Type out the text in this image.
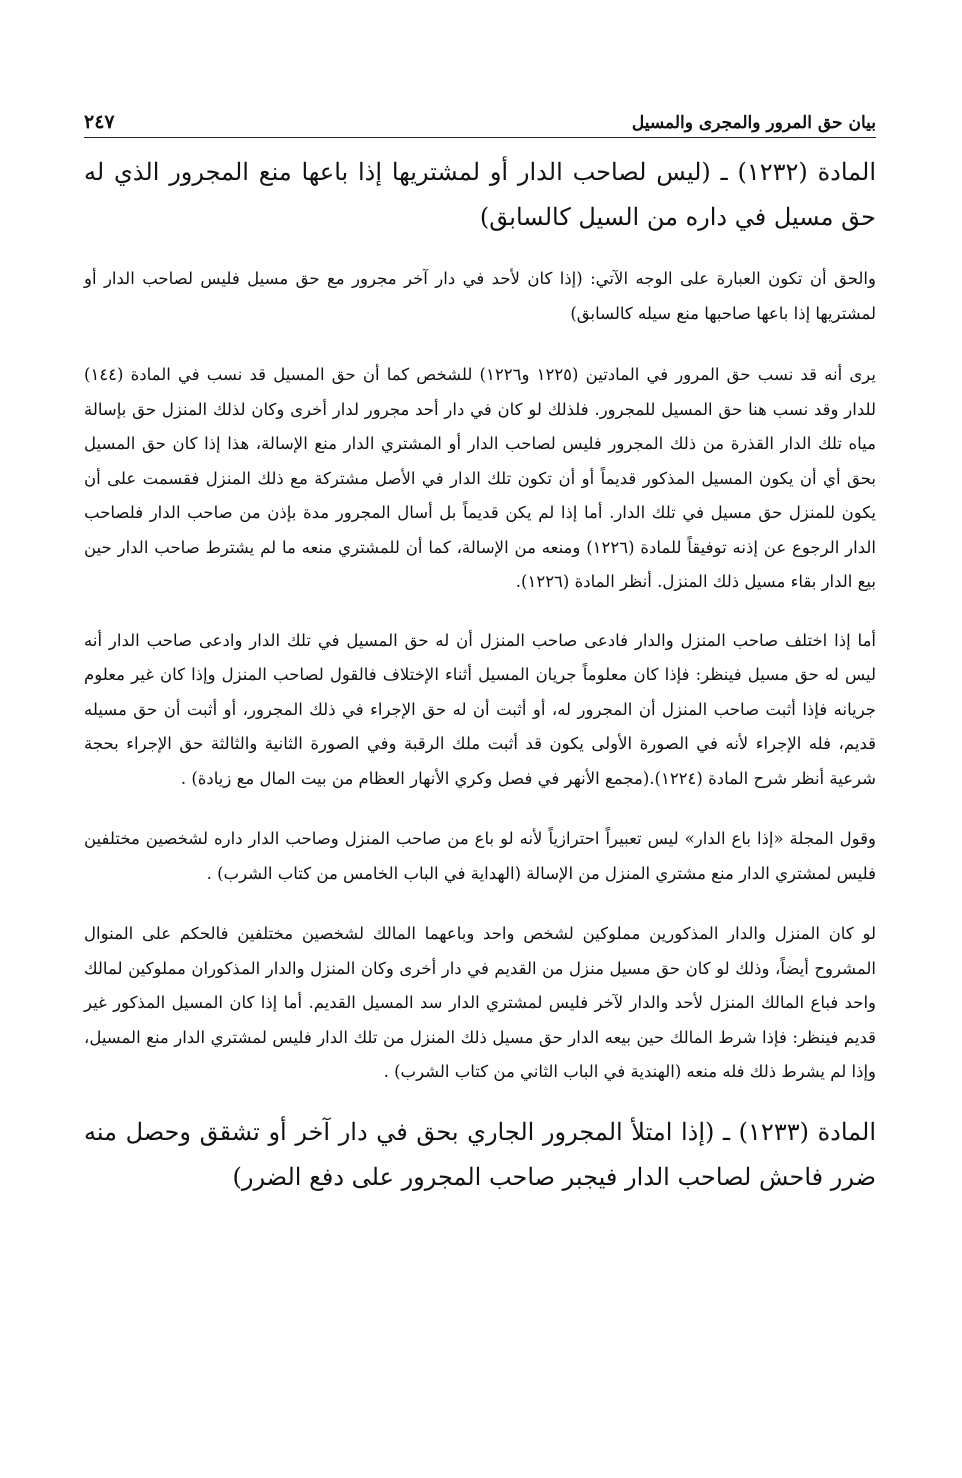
بيان حق المرور والمجرى والمسيل
٢٤٧

المادة (١٢٣٢) ـ (ليس لصاحب الدار أو لمشتريها إذا باعها منع المجرور الذي له حق مسيل في داره من السيل كالسابق)

والحق أن تكون العبارة على الوجه الآتي: (إذا كان لأحد في دار آخر مجرور مع حق مسيل فليس لصاحب الدار أو لمشتريها إذا باعها صاحبها منع سيله كالسابق)

يرى أنه قد نسب حق المرور في المادتين (١٢٢٥ و١٢٢٦) للشخص كما أن حق المسيل قد نسب في المادة (١٤٤) للدار وقد نسب هنا حق المسيل للمجرور. فلذلك لو كان في دار أحد مجرور لدار أخرى وكان لذلك المنزل حق بإسالة مياه تلك الدار القذرة من ذلك المجرور فليس لصاحب الدار أو المشتري الدار منع الإسالة، هذا إذا كان حق المسيل بحق أي أن يكون المسيل المذكور قديماً أو أن تكون تلك الدار في الأصل مشتركة مع ذلك المنزل فقسمت على أن يكون للمنزل حق مسيل في تلك الدار. أما إذا لم يكن قديماً بل أسال المجرور مدة بإذن من صاحب الدار فلصاحب الدار الرجوع عن إذنه توفيقاً للمادة (١٢٢٦) ومنعه من الإسالة، كما أن للمشتري منعه ما لم يشترط صاحب الدار حين بيع الدار بقاء مسيل ذلك المنزل. أنظر المادة (١٢٢٦).

أما إذا اختلف صاحب المنزل والدار فادعى صاحب المنزل أن له حق المسيل في تلك الدار وادعى صاحب الدار أنه ليس له حق مسيل فينظر: فإذا كان معلوماً جريان المسيل أثناء الإختلاف فالقول لصاحب المنزل وإذا كان غير معلوم جريانه فإذا أثبت صاحب المنزل أن المجرور له، أو أثبت أن له حق الإجراء في ذلك المجرور، أو أثبت أن حق مسيله قديم، فله الإجراء لأنه في الصورة الأولى يكون قد أثبت ملك الرقبة وفي الصورة الثانية والثالثة حق الإجراء بحجة شرعية أنظر شرح المادة (١٢٢٤).(مجمع الأنهر في فصل وكري الأنهار العظام من بيت المال مع زيادة) .

وقول المجلة «إذا باع الدار» ليس تعبيراً احترازياً لأنه لو باع من صاحب المنزل وصاحب الدار داره لشخصين مختلفين فليس لمشتري الدار منع مشتري المنزل من الإسالة (الهداية في الباب الخامس من كتاب الشرب) .

لو كان المنزل والدار المذكورين مملوكين لشخص واحد وباعهما المالك لشخصين مختلفين فالحكم على المنوال المشروح أيضاً، وذلك لو كان حق مسيل منزل من القديم في دار أخرى وكان المنزل والدار المذكوران مملوكين لمالك واحد فباع المالك المنزل لأحد والدار لآخر فليس لمشتري الدار سد المسيل القديم. أما إذا كان المسيل المذكور غير قديم فينظر: فإذا شرط المالك حين بيعه الدار حق مسيل ذلك المنزل من تلك الدار فليس لمشتري الدار منع المسيل، وإذا لم يشرط ذلك فله منعه (الهندية في الباب الثاني من كتاب الشرب) .

المادة (١٢٣٣) ـ (إذا امتلأ المجرور الجاري بحق في دار آخر أو تشقق وحصل منه ضرر فاحش لصاحب الدار فيجبر صاحب المجرور على دفع الضرر)
